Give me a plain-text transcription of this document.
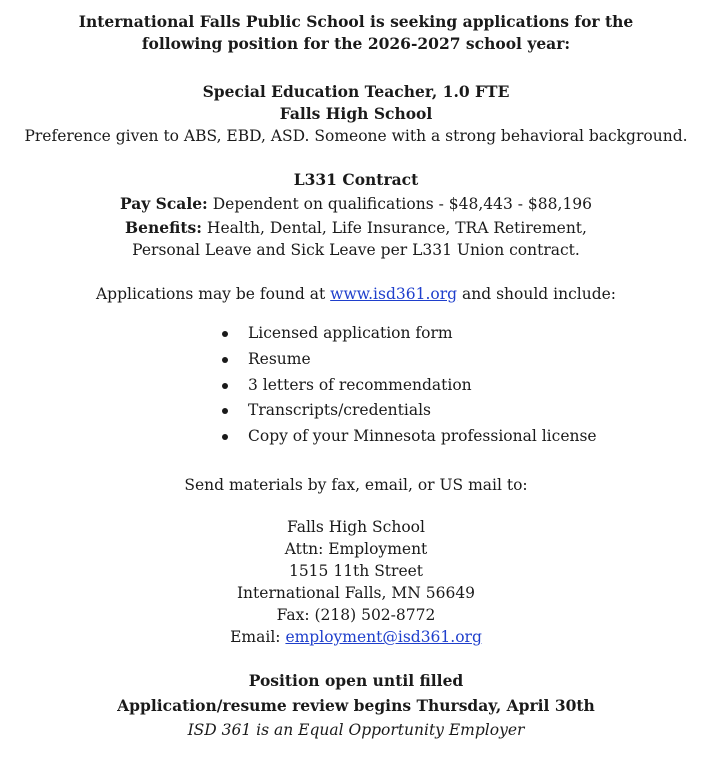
International Falls Public School is seeking applications for the
following position for the 2026-2027 school year:
Special Education Teacher, 1.0 FTE
Falls High School
Preference given to ABS, EBD, ASD. Someone with a strong behavioral background.
L331 Contract
Pay Scale: Dependent on qualifications - $48,443 - $88,196
Benefits: Health, Dental, Life Insurance, TRA Retirement,
Personal Leave and Sick Leave per L331 Union contract.
Applications may be found at www.isd361.org and should include:
Licensed application form
Resume
3 letters of recommendation
Transcripts/credentials
Copy of your Minnesota professional license
Send materials by fax, email, or US mail to:
Falls High School
Attn: Employment
1515 11th Street
International Falls, MN 56649
Fax: (218) 502-8772
Email: employment@isd361.org
Position open until filled
Application/resume review begins Thursday, April 30th
ISD 361 is an Equal Opportunity Employer
